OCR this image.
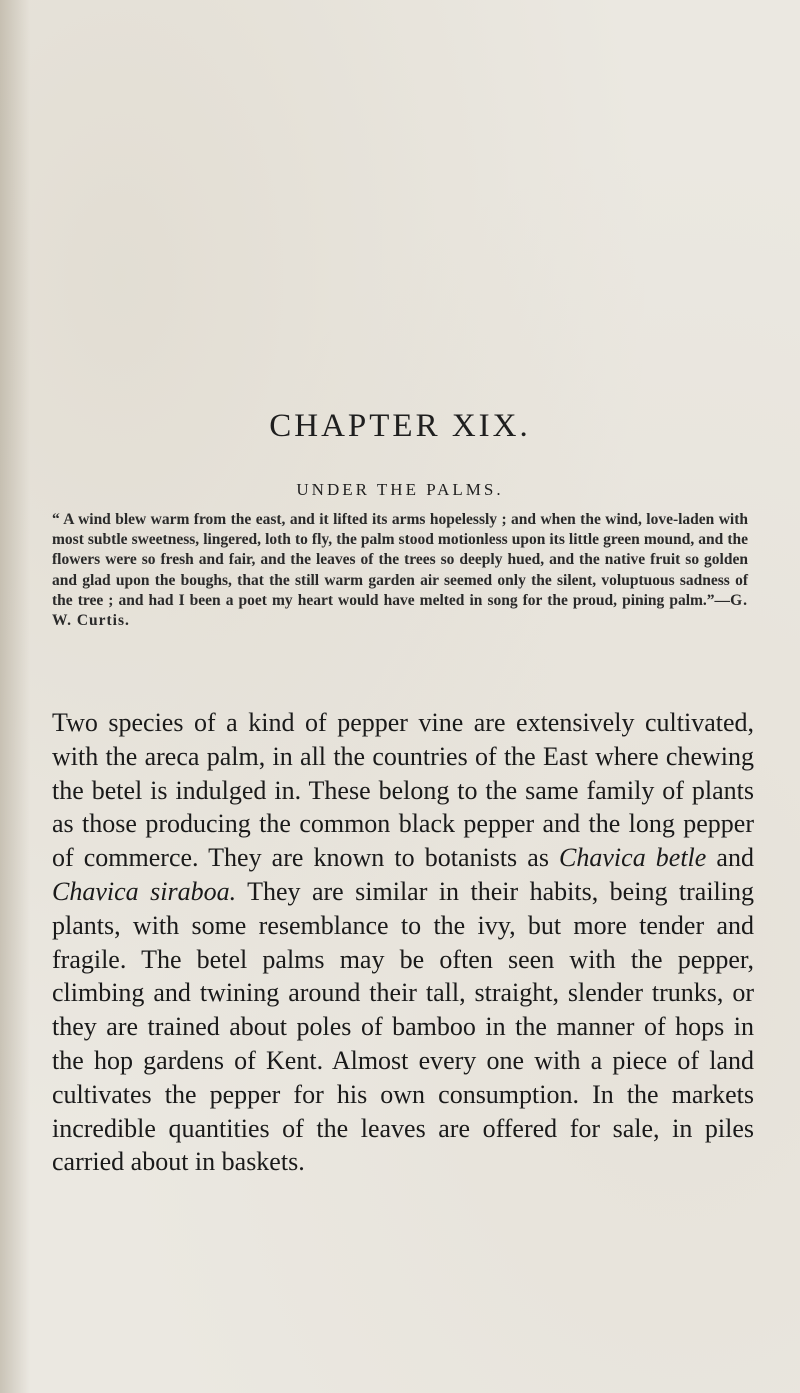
CHAPTER XIX.
UNDER THE PALMS.
“ A wind blew warm from the east, and it lifted its arms hopelessly ; and when the wind, love-laden with most subtle sweetness, lingered, loth to fly, the palm stood motionless upon its little green mound, and the flowers were so fresh and fair, and the leaves of the trees so deeply hued, and the native fruit so golden and glad upon the boughs, that the still warm garden air seemed only the silent, voluptuous sadness of the tree ; and had I been a poet my heart would have melted in song for the proud, pining palm.”—G. W. Curtis.
Two species of a kind of pepper vine are extensively cultivated, with the areca palm, in all the countries of the East where chewing the betel is indulged in. These belong to the same family of plants as those producing the common black pepper and the long pepper of commerce. They are known to botanists as Chavica betle and Chavica siraboa. They are similar in their habits, being trailing plants, with some resemblance to the ivy, but more tender and fragile. The betel palms may be often seen with the pepper, climbing and twining around their tall, straight, slender trunks, or they are trained about poles of bamboo in the manner of hops in the hop gardens of Kent. Almost every one with a piece of land cultivates the pepper for his own consumption. In the markets incredible quantities of the leaves are offered for sale, in piles carried about in baskets.
